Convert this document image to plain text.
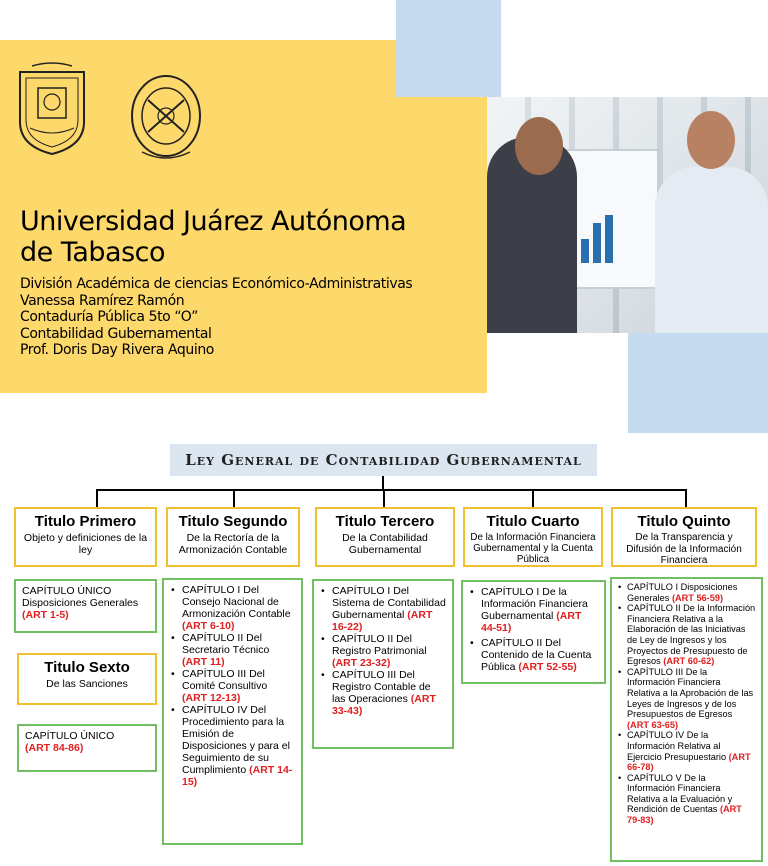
Universidad Juárez Autónoma
de Tabasco
División Académica de ciencias Económico-Administrativas
Vanessa Ramírez Ramón
Contaduría Pública 5to “O”
Contabilidad Gubernamental
Prof. Doris Day Rivera Aquino
Ley General de Contabilidad Gubernamental
Titulo Primero
Objeto y definiciones de la ley
Titulo Segundo
De la Rectoría de la Armonización Contable
Titulo Tercero
De la Contabilidad Gubernamental
Titulo Cuarto
De la Información Financiera Gubernamental y la Cuenta Pública
Titulo Quinto
De la Transparencia y Difusión de la Información Financiera
Titulo Sexto
De las Sanciones
CAPÍTULO ÚNICO Disposiciones Generales (ART 1-5)
• CAPÍTULO I Del Consejo Nacional de Armonización Contable (ART 6-10)
• CAPÍTULO II Del Secretario Técnico (ART 11)
• CAPÍTULO III Del Comité Consultivo (ART 12-13)
• CAPÍTULO IV Del Procedimiento para la Emisión de Disposiciones y para el Seguimiento de su Cumplimiento (ART 14-15)
• CAPÍTULO I Del Sistema de Contabilidad Gubernamental (ART 16-22)
• CAPÍTULO II Del Registro Patrimonial (ART 23-32)
• CAPÍTULO III Del Registro Contable de las Operaciones (ART 33-43)
• CAPÍTULO I De la Información Financiera Gubernamental (ART 44-51)
• CAPÍTULO II Del Contenido de la Cuenta Pública (ART 52-55)
• CAPÍTULO I Disposiciones Generales (ART 56-59)
• CAPÍTULO II De la Información Financiera Relativa a la Elaboración de las Iniciativas de Ley de Ingresos y los Proyectos de Presupuesto de Egresos (ART 60-62)
• CAPÍTULO III De la Información Financiera Relativa a la Aprobación de las Leyes de Ingresos y de los Presupuestos de Egresos (ART 63-65)
• CAPÍTULO IV De la Información Relativa al Ejercicio Presupuestario (ART 66-78)
• CAPÍTULO V De la Información Financiera Relativa a la Evaluación y Rendición de Cuentas (ART 79-83)
CAPÍTULO ÚNICO
(ART 84-86)
